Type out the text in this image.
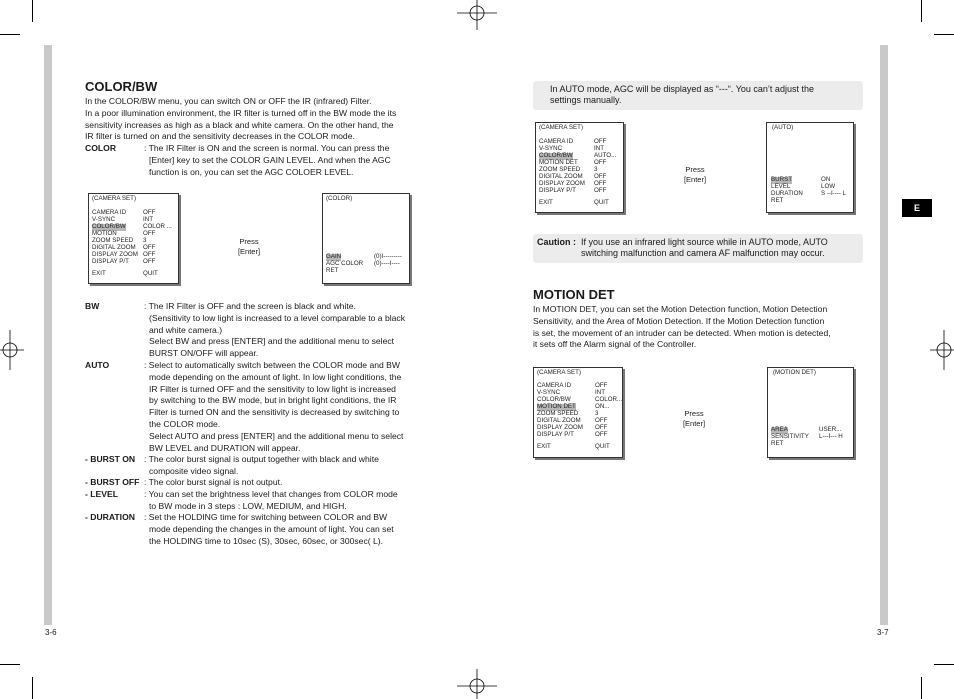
COLOR/BW
In the COLOR/BW menu, you can switch ON or OFF the IR (infrared) Filter.
In a poor illumination environment, the IR filter is turned off in the BW mode the its
sensitivity increases as high as a black and white camera. On the other hand, the
IR filter is turned on and the sensitivity decreases in the COLOR mode.
COLOR	: The IR Filter is ON and the screen is normal. You can press the
[Enter] key to set the COLOR GAIN LEVEL. And when the AGC
function is on, you can set the AGC COLOER LEVEL.
(CAMERA SET)
CAMERA ID	OFF
V-SYNC	INT
COLOR/BW	COLOR ...
MOTION	OFF
ZOOM SPEED 3
DIGITAL ZOOM OFF
DISPLAY ZOOM OFF
DISPLAY P/T OFF
EXIT	QUIT
Press
[Enter]
(COLOR)
GAIN	(0)I---------
AGC COLOR (0)----I----
RET
BW	: The IR Filter is OFF and the screen is black and white.
(Sensitivity to low light is increased to a level comparable to a black
and white camera.)
Select BW and press [ENTER] and the additional menu to select
BURST ON/OFF will appear.
AUTO	: Select to automatically switch between the COLOR mode and BW
mode depending on the amount of light. In low light conditions, the
IR Filter is turned OFF and the sensitivity to low light is increased
by switching to the BW mode, but in bright light conditions, the IR
Filter is turned ON and the sensitivity is decreased by switching to
the COLOR mode.
Select AUTO and press [ENTER] and the additional menu to select
BW LEVEL and DURATION will appear.
- BURST ON : The color burst signal is output together with black and white
composite video signal.
- BURST OFF : The color burst signal is not output.
- LEVEL	: You can set the brightness level that changes from COLOR mode
to BW mode in 3 steps : LOW, MEDIUM, and HIGH.
- DURATION : Set the HOLDING time for switching between COLOR and BW
mode depending the changes in the amount of light. You can set
the HOLDING time to 10sec (S), 30sec, 60sec, or 300sec( L).
3-6
In AUTO mode, AGC will be displayed as “---“. You can’t adjust the
settings manually.
(CAMERA SET)
CAMERA ID	OFF
V-SYNC	INT
COLOR/BW	AUTO...
MOTION DET	OFF
ZOOM SPEED 3
DIGITAL ZOOM OFF
DISPLAY ZOOM OFF
DISPLAY P/T	OFF
EXIT	QUIT
Press
[Enter]
(AUTO)
BURST	ON
LEVEL	LOW
DURATION	S --I---- L
RET
Caution : If you use an infrared light source while in AUTO mode, AUTO
switching malfunction and camera AF malfunction may occur.
MOTION DET
In MOTION DET, you can set the Motion Detection function, Motion Detection
Sensitivity, and the Area of Motion Detection. If the Motion Detection function
is set, the movement of an intruder can be detected. When motion is detected,
it sets off the Alarm signal of the Controller.
(CAMERA SET)
CAMERA ID	OFF
V-SYNC	INT
COLOR/BW	COLOR...
MOTION DET	ON...
ZOOM SPEED	3
DIGITAL ZOOM OFF
DISPLAY ZOOM OFF
DISPLAY P/T	OFF
EXIT	QUIT
Press
[Enter]
(MOTION DET)
AREA	USER...
SENSITIVITY L---I--- H
RET
E
3-7
